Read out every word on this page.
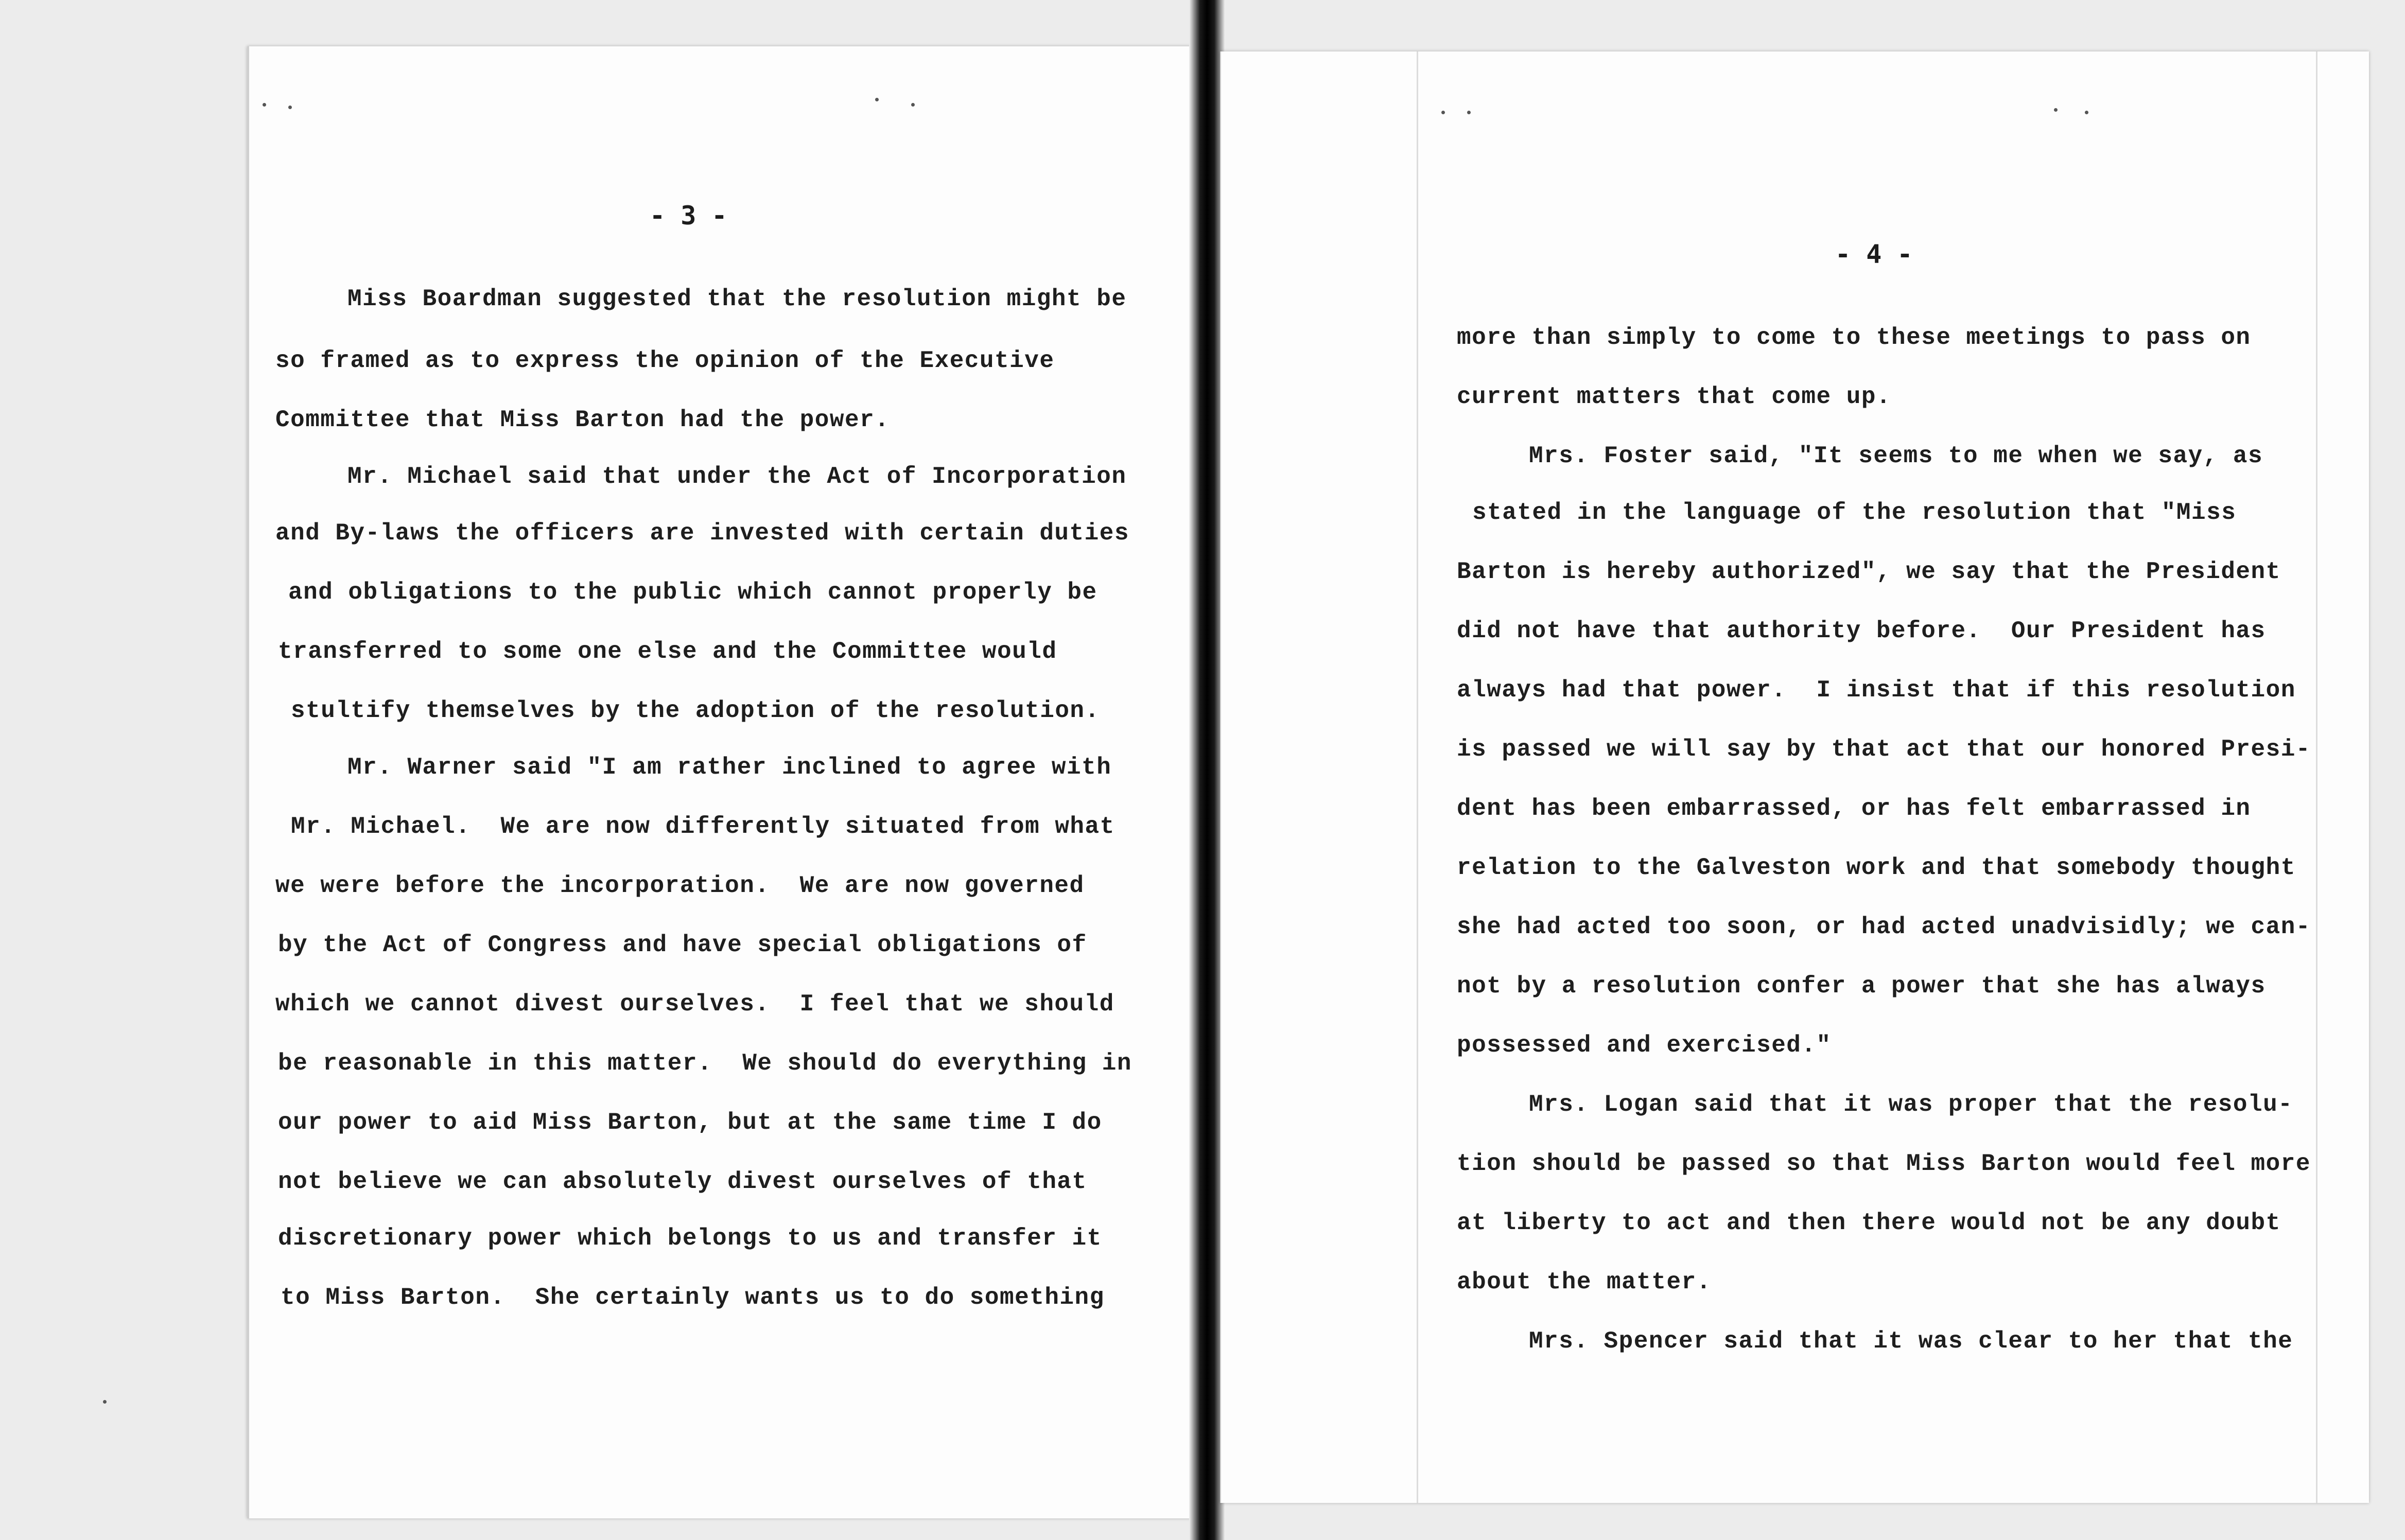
- 3 -
Miss Boardman suggested that the resolution might be
so framed as to express the opinion of the Executive
Committee that Miss Barton had the power.
Mr. Michael said that under the Act of Incorporation
and By-laws the officers are invested with certain duties
and obligations to the public which cannot properly be
transferred to some one else and the Committee would
stultify themselves by the adoption of the resolution.
Mr. Warner said "I am rather inclined to agree with
Mr. Michael.  We are now differently situated from what
we were before the incorporation.  We are now governed
by the Act of Congress and have special obligations of
which we cannot divest ourselves.  I feel that we should
be reasonable in this matter.  We should do everything in
our power to aid Miss Barton, but at the same time I do
not believe we can absolutely divest ourselves of that
discretionary power which belongs to us and transfer it
to Miss Barton.  She certainly wants us to do something
- 4 -
more than simply to come to these meetings to pass on
current matters that come up.
Mrs. Foster said, "It seems to me when we say, as
stated in the language of the resolution that "Miss
Barton is hereby authorized", we say that the President
did not have that authority before.  Our President has
always had that power.  I insist that if this resolution
is passed we will say by that act that our honored Presi-
dent has been embarrassed, or has felt embarrassed in
relation to the Galveston work and that somebody thought
she had acted too soon, or had acted unadvisidly; we can-
not by a resolution confer a power that she has always
possessed and exercised."
Mrs. Logan said that it was proper that the resolu-
tion should be passed so that Miss Barton would feel more
at liberty to act and then there would not be any doubt
about the matter.
Mrs. Spencer said that it was clear to her that the
